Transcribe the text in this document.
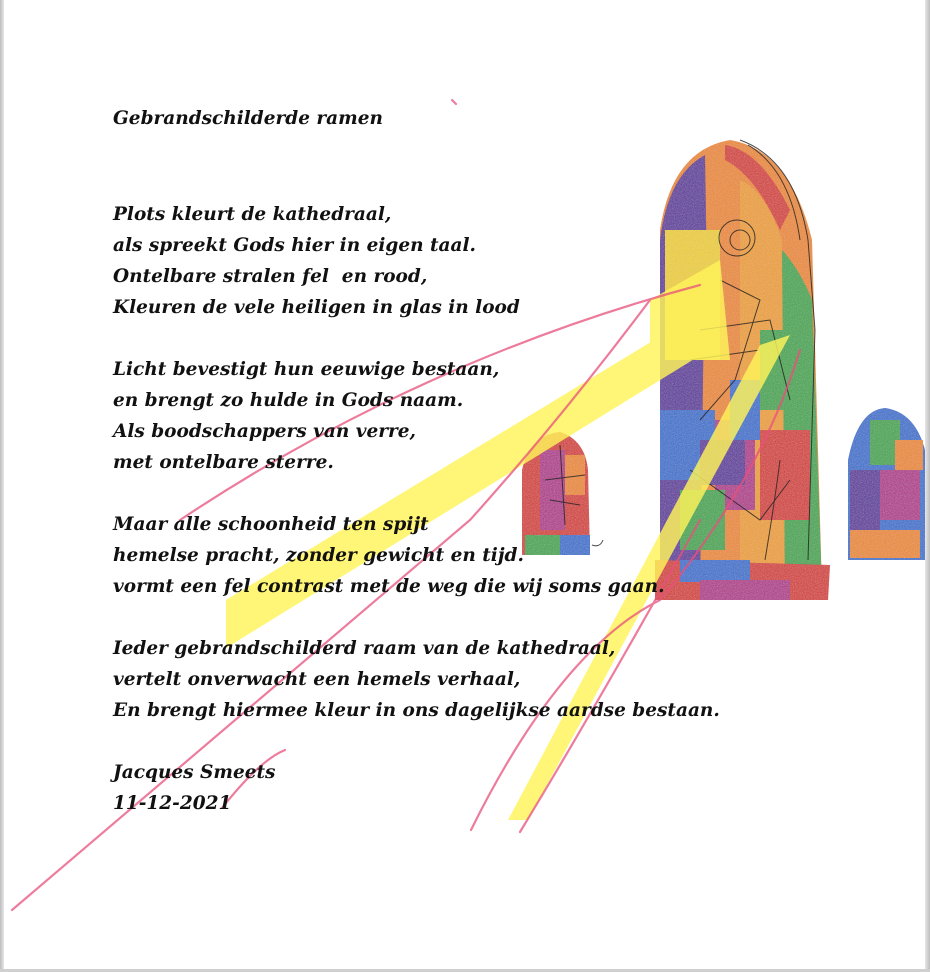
Gebrandschilderde ramen
Plots kleurt de kathedraal,
als spreekt Gods hier in eigen taal.
Ontelbare stralen fel  en rood,
Kleuren de vele heiligen in glas in lood
Licht bevestigt hun eeuwige bestaan,
en brengt zo hulde in Gods naam.
Als boodschappers van verre,
met ontelbare sterre.
Maar alle schoonheid ten spijt
hemelse pracht, zonder gewicht en tijd.
vormt een fel contrast met de weg die wij soms gaan.
Ieder gebrandschilderd raam van de kathedraal,
vertelt onverwacht een hemels verhaal,
En brengt hiermee kleur in ons dagelijkse aardse bestaan.
Jacques Smeets
11-12-2021
